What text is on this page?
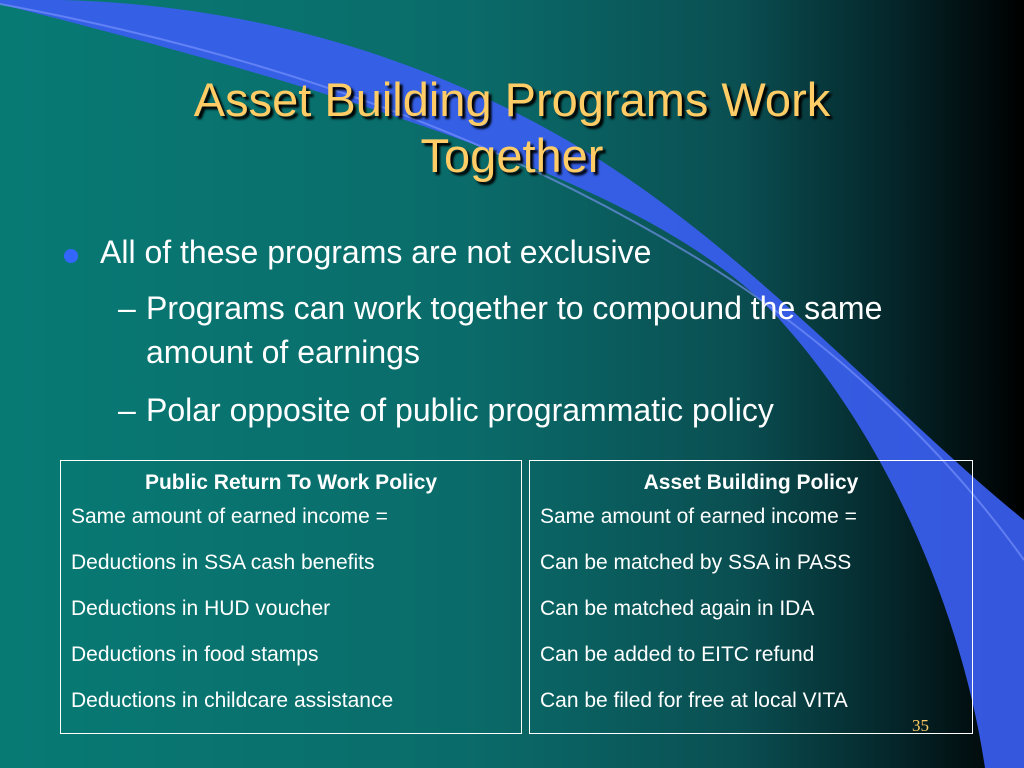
Asset Building Programs Work
Together
All of these programs are not exclusive
– Programs can work together to compound the same amount of earnings
– Polar opposite of public programmatic policy
Public Return To Work Policy
Same amount of earned income =
Deductions in SSA cash benefits
Deductions in HUD voucher
Deductions in food stamps
Deductions in childcare assistance
Asset Building Policy
Same amount of earned income =
Can be matched by SSA in PASS
Can be matched again in IDA
Can be added to EITC refund
Can be filed for free at local VITA
35
